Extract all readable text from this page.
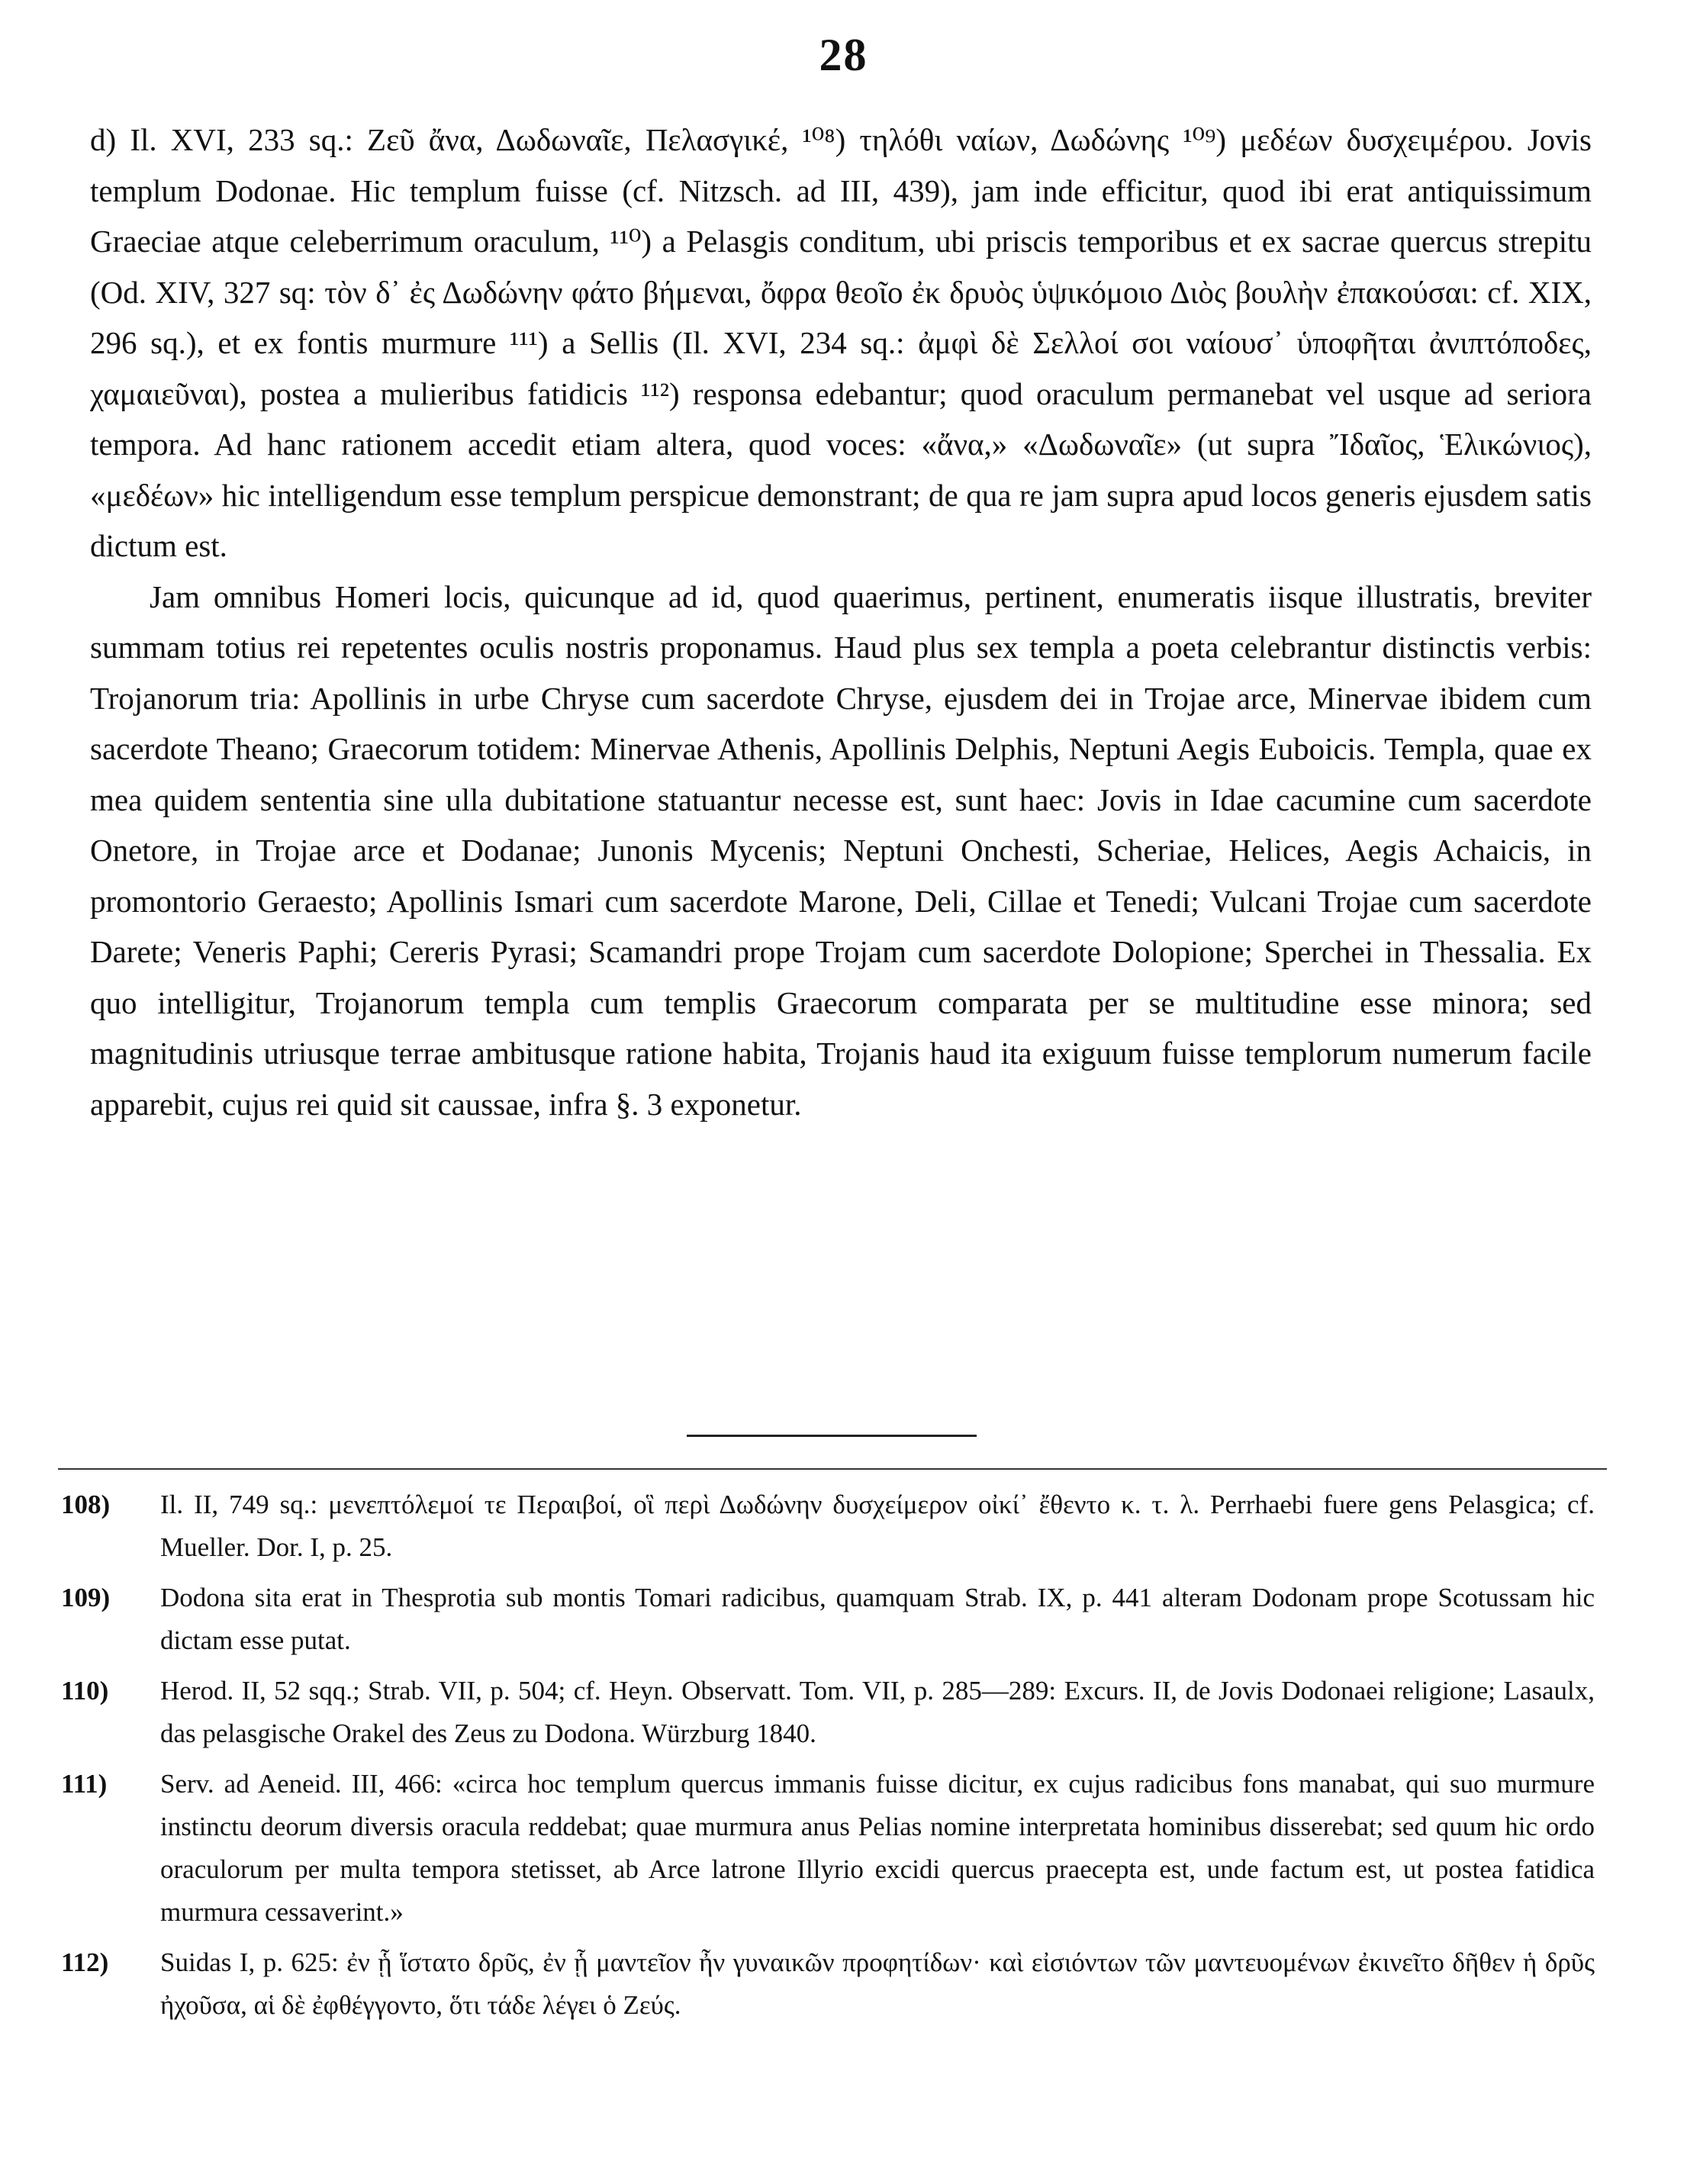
28

d) Il. XVI, 233 sq.: Ζεῦ ἄνα, Δωδωναῖε, Πελασγικέ, ¹⁰⁸) τηλόθι ναίων, Δωδώνης ¹⁰⁹) μεδέων δυσχειμέρου. Jovis templum Dodonae. Hic templum fuisse (cf. Nitzsch. ad III, 439), jam inde efficitur, quod ibi erat antiquissimum Graeciae atque celeberrimum oraculum, ¹¹⁰) a Pelasgis conditum, ubi priscis temporibus et ex sacrae quercus strepitu (Od. XIV, 327 sq: τὸν δ᾽ ἐς Δωδώνην φάτο βήμεναι, ὄφρα θεοῖο ἐκ δρυὸς ὑψικόμοιο Διὸς βουλὴν ἐπακούσαι: cf. XIX, 296 sq.), et ex fontis murmure ¹¹¹) a Sellis (Il. XVI, 234 sq.: ἀμφὶ δὲ Σελλοί σοι ναίουσ᾽ ὑποφῆται ἀνιπτόποδες, χαμαιεῦναι), postea a mulieribus fatidicis ¹¹²) responsa edebantur; quod oraculum permanebat vel usque ad seriora tempora. Ad hanc rationem accedit etiam altera, quod voces: «ἄνα,» «Δωδωναῖε» (ut supra Ἴδαῖος, Ἑλικώνιος), «μεδέων» hic intelligendum esse templum perspicue demonstrant; de qua re jam supra apud locos generis ejusdem satis dictum est.

Jam omnibus Homeri locis, quicunque ad id, quod quaerimus, pertinent, enumeratis iisque illustratis, breviter summam totius rei repetentes oculis nostris proponamus. Haud plus sex templa a poeta celebrantur distinctis verbis: Trojanorum tria: Apollinis in urbe Chryse cum sacerdote Chryse, ejusdem dei in Trojae arce, Minervae ibidem cum sacerdote Theano; Graecorum totidem: Minervae Athenis, Apollinis Delphis, Neptuni Aegis Euboicis. Templa, quae ex mea quidem sententia sine ulla dubitatione statuantur necesse est, sunt haec: Jovis in Idae cacumine cum sacerdote Onetore, in Trojae arce et Dodanae; Junonis Mycenis; Neptuni Onchesti, Scheriae, Helices, Aegis Achaicis, in promontorio Geraesto; Apollinis Ismari cum sacerdote Marone, Deli, Cillae et Tenedi; Vulcani Trojae cum sacerdote Darete; Veneris Paphi; Cereris Pyrasi; Scamandri prope Trojam cum sacerdote Dolopione; Sperchei in Thessalia. Ex quo intelligitur, Trojanorum templa cum templis Graecorum comparata per se multitudine esse minora; sed magnitudinis utriusque terrae ambitusque ratione habita, Trojanis haud ita exiguum fuisse templorum numerum facile apparebit, cujus rei quid sit caussae, infra §. 3 exponetur.

108)	Il. II, 749 sq.: μενεπτόλεμοί τε Περαιβοί, οἳ περὶ Δωδώνην δυσχείμερον οἰκί᾽ ἔθεντο κ. τ. λ. Perrhaebi fuere gens Pelasgica; cf. Mueller. Dor. I, p. 25.
109)	Dodona sita erat in Thesprotia sub montis Tomari radicibus, quamquam Strab. IX, p. 441 alteram Dodonam prope Scotussam hic dictam esse putat.
110)	Herod. II, 52 sqq.; Strab. VII, p. 504; cf. Heyn. Observatt. Tom. VII, p. 285—289: Excurs. II, de Jovis Dodonaei religione; Lasaulx, das pelasgische Orakel des Zeus zu Dodona. Würzburg 1840.
111)	Serv. ad Aeneid. III, 466: «circa hoc templum quercus immanis fuisse dicitur, ex cujus radicibus fons manabat, qui suo murmure instinctu deorum diversis oracula reddebat; quae murmura anus Pelias nomine interpretata hominibus disserebat; sed quum hic ordo oraculorum per multa tempora stetisset, ab Arce latrone Illyrio excidi quercus praecepta est, unde factum est, ut postea fatidica murmura cessaverint.»
112)	Suidas I, p. 625: ἐν ᾗ ἵστατο δρῦς, ἐν ᾗ μαντεῖον ἦν γυναικῶν προφητίδων· καὶ εἰσιόντων τῶν μαντευομένων ἐκινεῖτο δῆθεν ἡ δρῦς ἠχοῦσα, αἱ δὲ ἐφθέγγοντο, ὅτι τάδε λέγει ὁ Ζεύς.
